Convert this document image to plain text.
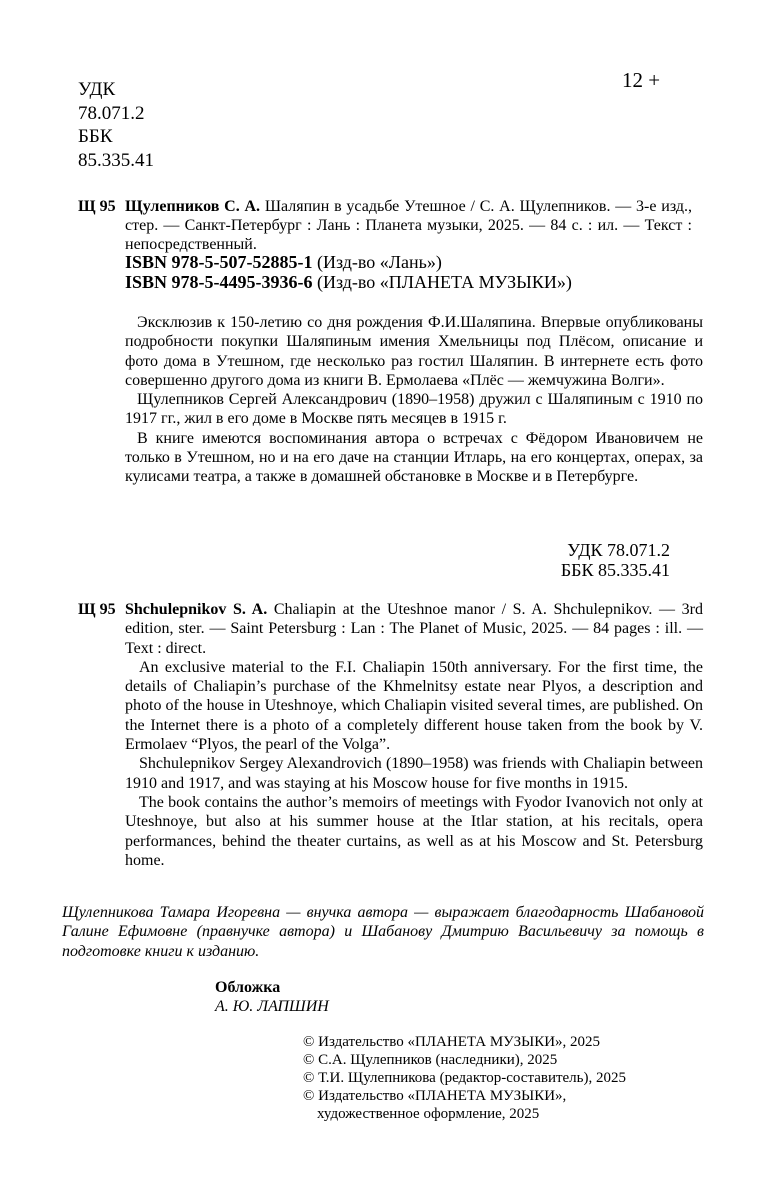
УДК
78.071.2
ББК
85.335.41
12 +
Щ 95 Щулепников С. А. Шаляпин в усадьбе Утешное / С. А. Щулепников. — 3-е изд., стер. — Санкт-Петербург : Лань : Планета музыки, 2025. — 84 с. : ил. — Текст : непосредственный.
ISBN 978-5-507-52885-1 (Изд-во «Лань»)
ISBN 978-5-4495-3936-6 (Изд-во «ПЛАНЕТА МУЗЫКИ»)

Эксклюзив к 150-летию со дня рождения Ф.И.Шаляпина. Впервые опубликованы подробности покупки Шаляпиным имения Хмельницы под Плёсом, описание и фото дома в Утешном, где несколько раз гостил Шаляпин. В интернете есть фото совершенно другого дома из книги В. Ермолаева «Плёс — жемчужина Волги».

Щулепников Сергей Александрович (1890–1958) дружил с Шаляпиным с 1910 по 1917 гг., жил в его доме в Москве пять месяцев в 1915 г.

В книге имеются воспоминания автора о встречах с Фёдором Ивановичем не только в Утешном, но и на его даче на станции Итларь, на его концертах, операх, за кулисами театра, а также в домашней обстановке в Москве и в Петербурге.

УДК 78.071.2
ББК 85.335.41
Щ 95 Shchulepnikov S. A. Chaliapin at the Uteshnoe manor / S. A. Shchulepnikov. — 3rd edition, ster. — Saint Petersburg : Lan : The Planet of Music, 2025. — 84 pages : ill. — Text : direct.

An exclusive material to the F.I. Chaliapin 150th anniversary. For the first time, the details of Chaliapin’s purchase of the Khmelnitsy estate near Plyos, a description and photo of the house in Uteshnoye, which Chaliapin visited several times, are published. On the Internet there is a photo of a completely different house taken from the book by V. Ermolaev “Plyos, the pearl of the Volga”.

Shchulepnikov Sergey Alexandrovich (1890–1958) was friends with Chaliapin between 1910 and 1917, and was staying at his Moscow house for five months in 1915.

The book contains the author’s memoirs of meetings with Fyodor Ivanovich not only at Uteshnoye, but also at his summer house at the Itlar station, at his recitals, opera performances, behind the theater curtains, as well as at his Moscow and St. Petersburg home.

Щулепникова Тамара Игоревна — внучка автора — выражает благодарность Шабановой Галине Ефимовне (правнучке автора) и Шабанову Дмитрию Васильевичу за помощь в подготовке книги к изданию.
Обложка
А. Ю. ЛАПШИН
© Издательство «ПЛАНЕТА МУЗЫКИ», 2025
© С.А. Щулепников (наследники), 2025
© Т.И. Щулепникова (редактор-составитель), 2025
© Издательство «ПЛАНЕТА МУЗЫКИ»,
художественное оформление, 2025
